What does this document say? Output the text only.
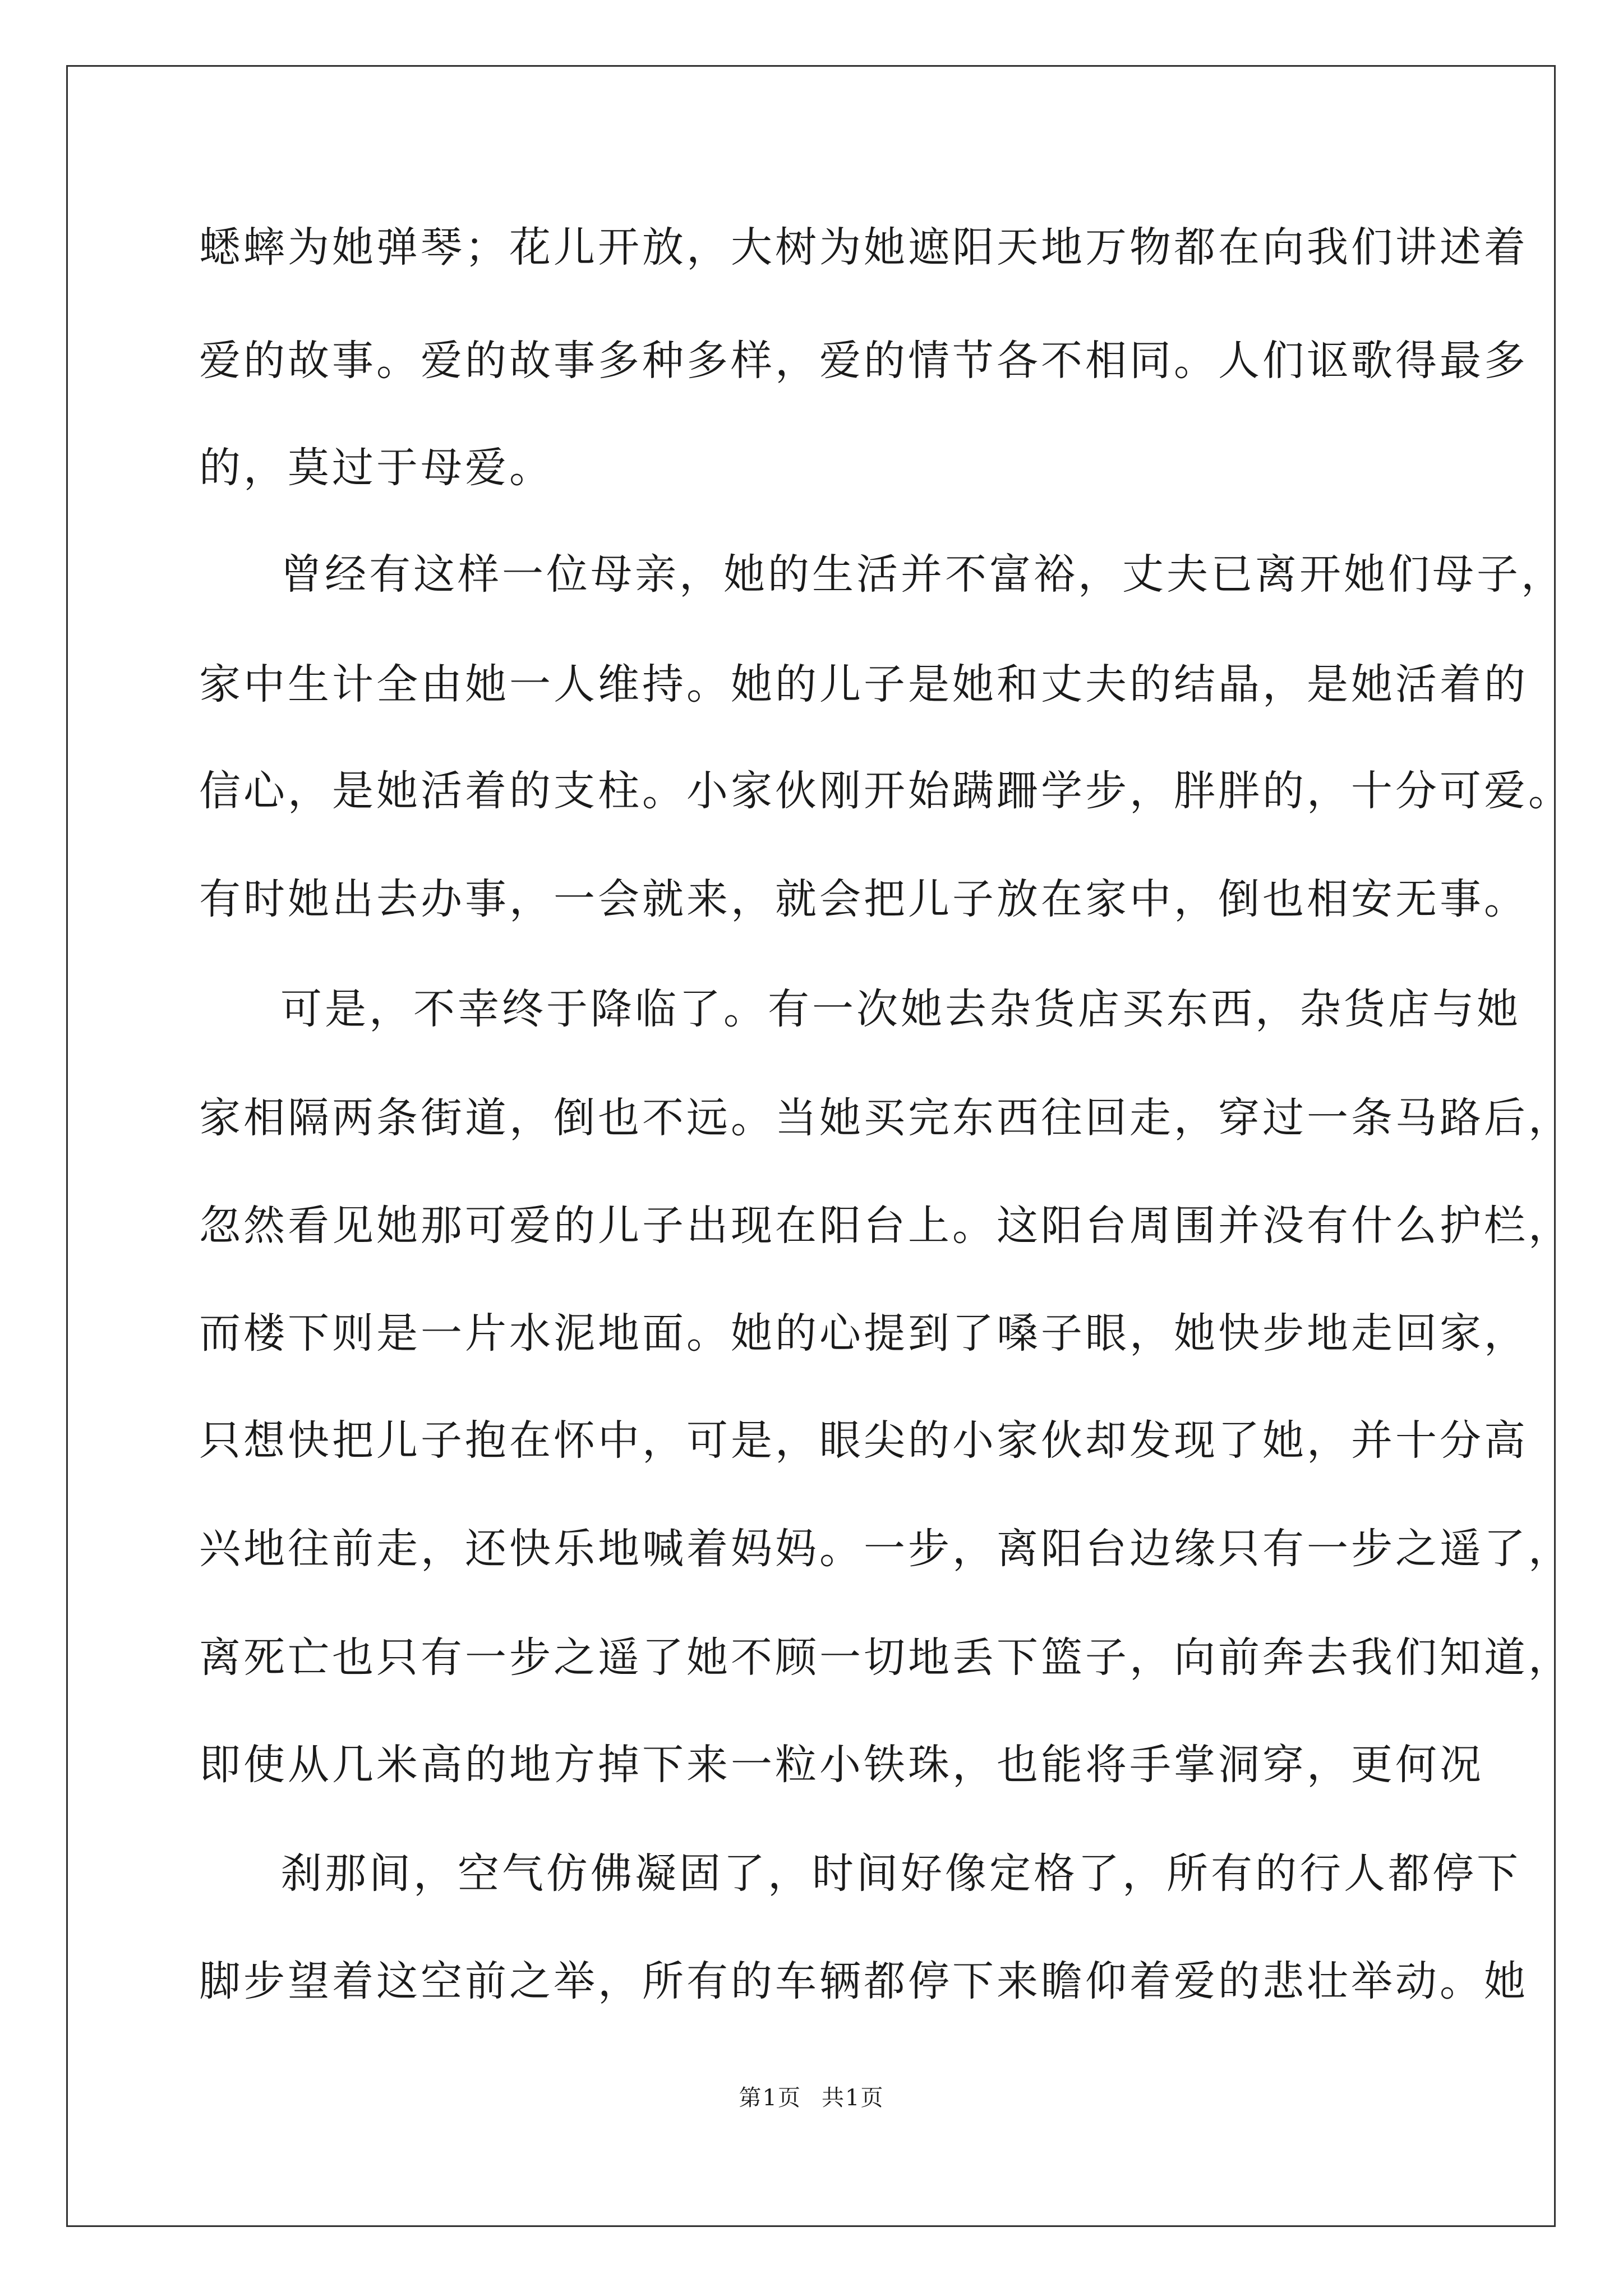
蟋蟀为她弹琴；花儿开放，大树为她遮阳天地万物都在向我们讲述着
爱的故事。爱的故事多种多样，爱的情节各不相同。人们讴歌得最多
的，莫过于母爱。
曾经有这样一位母亲，她的生活并不富裕，丈夫已离开她们母子，
家中生计全由她一人维持。她的儿子是她和丈夫的结晶，是她活着的
信心，是她活着的支柱。小家伙刚开始蹒跚学步，胖胖的，十分可爱。
有时她出去办事，一会就来，就会把儿子放在家中，倒也相安无事。
可是，不幸终于降临了。有一次她去杂货店买东西，杂货店与她
家相隔两条街道，倒也不远。当她买完东西往回走，穿过一条马路后，
忽然看见她那可爱的儿子出现在阳台上。这阳台周围并没有什么护栏，
而楼下则是一片水泥地面。她的心提到了嗓子眼，她快步地走回家，
只想快把儿子抱在怀中，可是，眼尖的小家伙却发现了她，并十分高
兴地往前走，还快乐地喊着妈妈。一步，离阳台边缘只有一步之遥了，
离死亡也只有一步之遥了她不顾一切地丢下篮子，向前奔去我们知道，
即使从几米高的地方掉下来一粒小铁珠，也能将手掌洞穿，更何况
刹那间，空气仿佛凝固了，时间好像定格了，所有的行人都停下
脚步望着这空前之举，所有的车辆都停下来瞻仰着爱的悲壮举动。她
第1页 共1页
